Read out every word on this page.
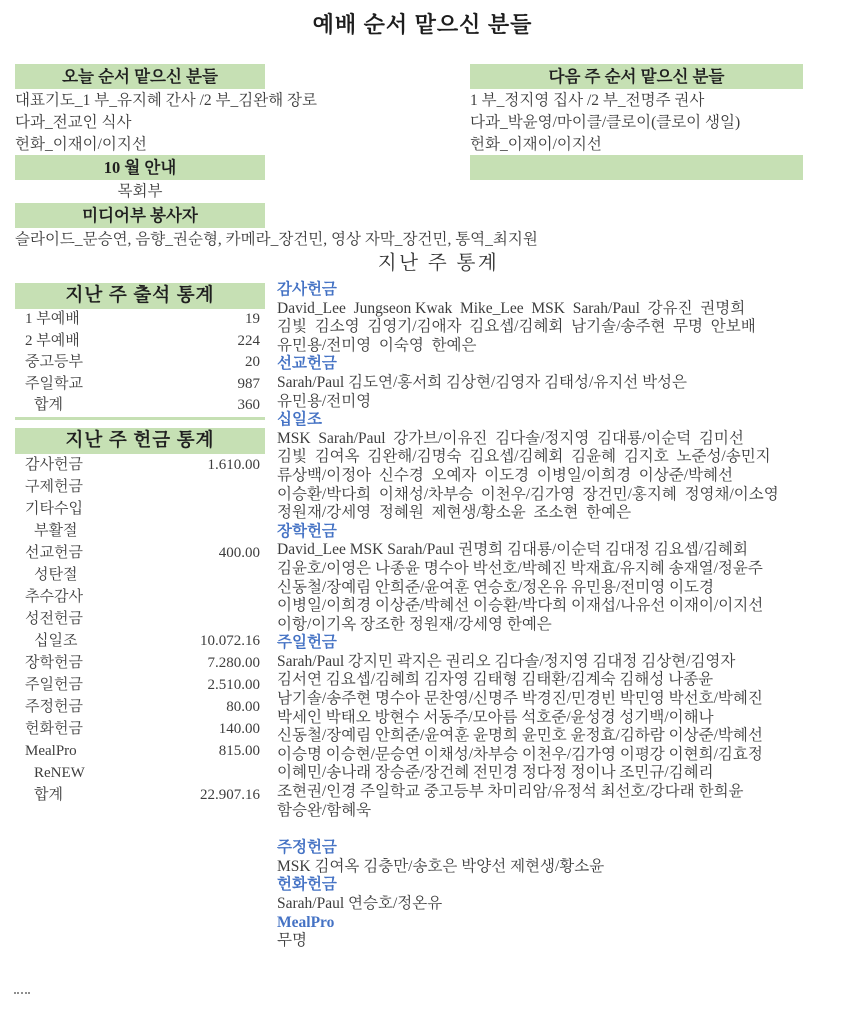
예배 순서 맡으신 분들
오늘 순서 맡으신 분들
대표기도_1 부_유지혜 간사 /2 부_김완해 장로
다과_전교인 식사
헌화_이재이/이지선
다음 주 순서 맡으신 분들
1 부_정지영 집사 /2 부_전명주 권사
다과_박윤영/마이클/클로이(클로이 생일)
헌화_이재이/이지선
10 월 안내
목회부
미디어부 봉사자
슬라이드_문승연, 음향_권순형, 카메라_장건민, 영상 자막_장건민, 통역_최지원
지난 주 통계
지난 주 출석 통계
1 부예배	19
2 부예배	224
중고등부	20
주일학교	987
합계	360
지난 주 헌금 통계
감사헌금	1.610.00
구제헌금
기타수입
부활절
선교헌금	400.00
성탄절
추수감사
성전헌금
십일조	10.072.16
장학헌금	7.280.00
주일헌금	2.510.00
주정헌금	80.00
헌화헌금	140.00
MealPro	815.00
ReNEW
합계	22.907.16
감사헌금
David_Lee  Jungseon Kwak  Mike_Lee  MSK  Sarah/Paul  강유진  권명희
김빛  김소영  김영기/김애자  김요셉/김혜회  남기솔/송주현  무명  안보배
유민용/전미영  이숙영  한예은
선교헌금
Sarah/Paul 김도연/홍서희 김상현/김영자 김태성/유지선 박성은
유민용/전미영
십일조
MSK  Sarah/Paul  강가브/이유진  김다솔/정지영  김대룡/이순덕  김미선
김빛  김여옥  김완해/김명숙  김요셉/김혜회  김윤혜  김지호  노준성/송민지
류상백/이정아  신수경  오예자  이도경  이병일/이희경  이상준/박혜선
이승환/박다희  이채성/차부승  이천우/김가영  장건민/홍지혜  정영채/이소영
정원재/강세영  정혜원  제현생/황소윤  조소현  한예은
장학헌금
David_Lee MSK Sarah/Paul 권명희 김대룡/이순덕 김대정 김요셉/김혜회
김윤호/이영은 나종윤 명수아 박선호/박혜진 박재효/유지혜 송재열/정윤주
신동철/장예림 안희준/윤여훈 연승호/정온유 유민용/전미영 이도경
이병일/이희경 이상준/박혜선 이승환/박다희 이재섭/나유선 이재이/이지선
이항/이기옥 장조한 정원재/강세영 한예은
주일헌금
Sarah/Paul 강지민 곽지은 권리오 김다솔/정지영 김대정 김상현/김영자
김서연 김요셉/김혜희 김자영 김태형 김태환/김계숙 김해성 나종윤
남기솔/송주현 명수아 문찬영/신명주 박경진/민경빈 박민영 박선호/박혜진
박세인 박태오 방현수 서동주/모아름 석호준/윤성경 성기백/이해나
신동철/장예림 안희준/윤여훈 윤명희 윤민호 윤정효/김하람 이상준/박혜선
이승명 이승현/문승연 이채성/차부승 이천우/김가영 이평강 이현희/김효정
이혜민/송나래 장승준/장건혜 전민경 정다정 정이나 조민규/김혜리
조현권/인경 주일학교 중고등부 차미리암/유정석 최선호/강다래 한희윤
함승완/함혜욱
주정헌금
MSK 김여옥 김충만/송호은 박양선 제현생/황소윤
헌화헌금
Sarah/Paul 연승호/정온유
MealPro
무명
